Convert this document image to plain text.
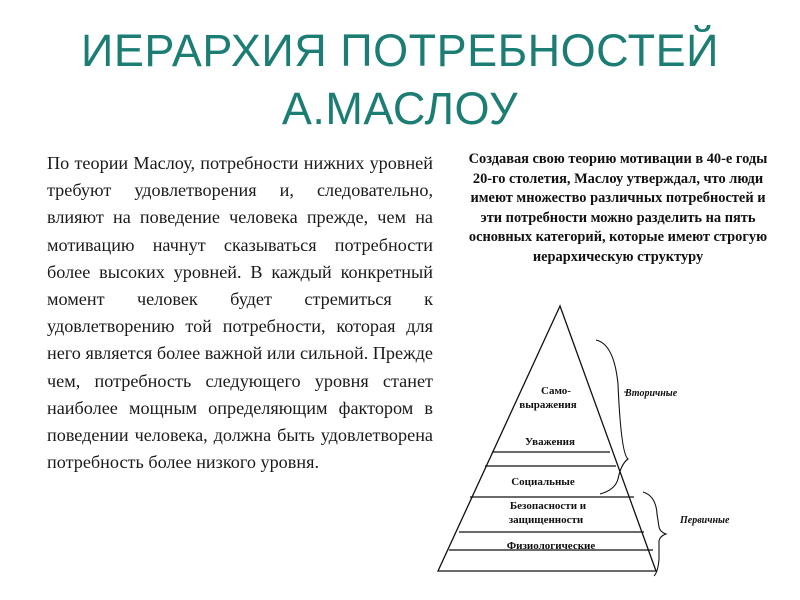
ИЕРАРХИЯ ПОТРЕБНОСТЕЙ
А.МАСЛОУ
По теории Маслоу, потребности нижних уровней требуют удовлетворения и, следовательно, влияют на поведение человека прежде, чем на мотивацию начнут сказываться потребности более высоких уровней. В каждый конкретный момент человек будет стремиться к удовлетворению той потребности, которая для него является более важной или сильной. Прежде чем, потребность следующего уровня станет наиболее мощным определяющим фактором в поведении человека, должна быть удовлетворена потребность более низкого уровня.
Создавая свою теорию мотивации в 40-е годы 20-го столетия, Маслоу утверждал, что люди имеют множество различных потребностей и эти потребности можно разделить на пять основных категорий, которые имеют строгую иерархическую структуру
Само-
выражения
Уважения
Социальные
Безопасности и
защищенности
Физиологические
Вторичные
Первичные
